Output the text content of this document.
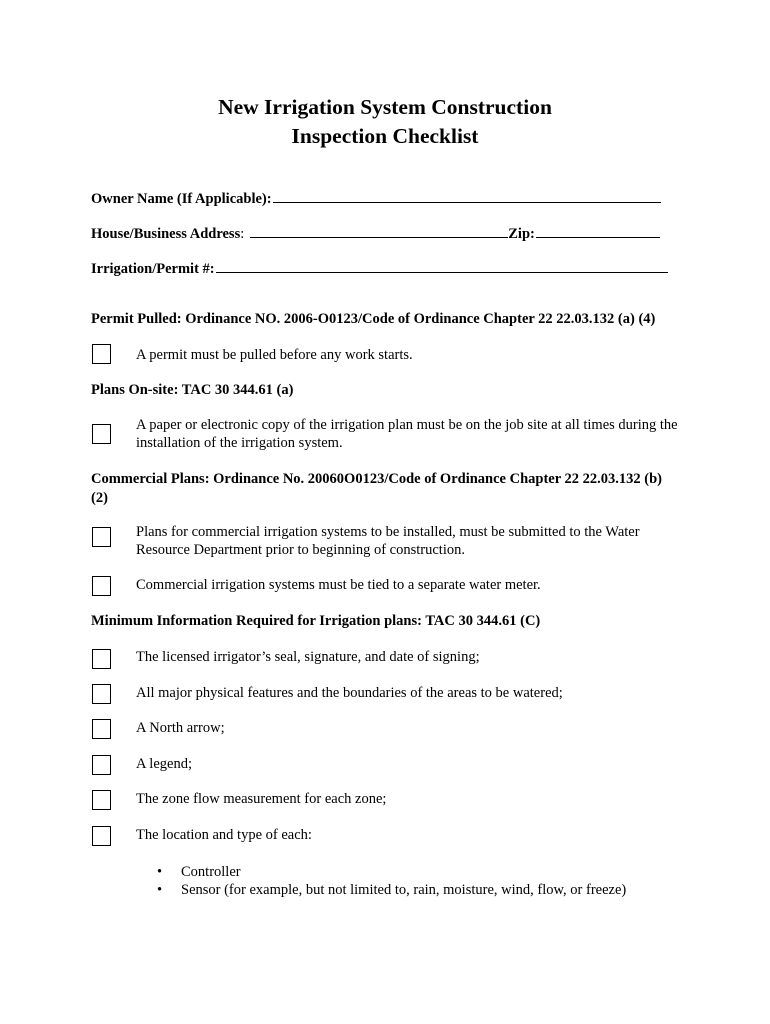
New Irrigation System Construction
Inspection Checklist
Owner Name (If Applicable):
House/Business Address :	Zip:
Irrigation/Permit #:
Permit Pulled: Ordinance NO. 2006-O0123/Code of Ordinance Chapter 22 22.03.132 (a) (4)
A permit must be pulled before any work starts.
Plans On-site: TAC 30 344.61 (a)
A paper or electronic copy of the irrigation plan must be on the job site at all times during the installation of the irrigation system.
Commercial Plans: Ordinance No. 20060O0123/Code of Ordinance Chapter 22 22.03.132 (b) (2)
Plans for commercial irrigation systems to be installed, must be submitted to the Water Resource Department prior to beginning of construction.
Commercial irrigation systems must be tied to a separate water meter.
Minimum Information Required for Irrigation plans: TAC 30 344.61 (C)
The licensed irrigator’s seal, signature, and date of signing;
All major physical features and the boundaries of the areas to be watered;
A North arrow;
A legend;
The zone flow measurement for each zone;
The location and type of each:
• Controller
• Sensor (for example, but not limited to, rain, moisture, wind, flow, or freeze)
